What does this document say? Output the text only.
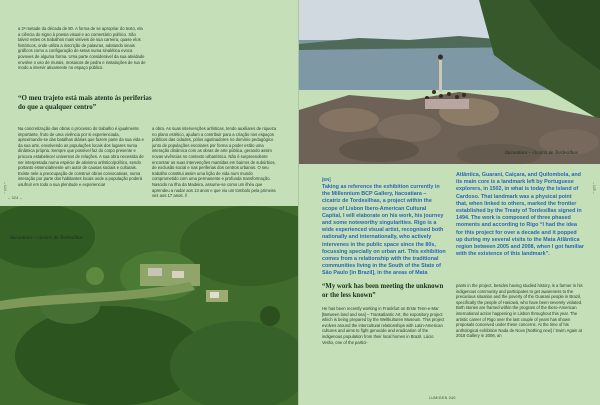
a 2ª metade da década de 80. A forma de se apropriar do texto, ela a ciência do signo à poesia visual e ao comentário político. São talvez estes os trabalhos mais visíveis de sua carreira, quase elos históricos, onde utiliza a inscrição de palavras, adotando sinais gráficos como a configuração de setas numa sinalética evoca povoves de alguma forma. Uma parte considerável da sua atividade envolve o uso de murais, mosaicos de pedra e instalações de rua de modo a intervir ativamente no espaço público.

“O meu trajeto está mais atento às periferias do que a qualquer centro”

Na concretização das obras o processo do trabalho é igualmente importante, fruto de uma vivência por si experienciada, aproximando-se das batalhas diárias que fazem parte da sua vida e da sua arte, envolvendo as populações locais dos lugares numa dinâmica própria. Sempre que possível faz do corpo presente e procura estabelecer universos de relações. A sua obra necessita de ser interpretada numa espécie de ativismo artístico/político, sendo portanto essencialmente um autor de causas sociais e culturais. Existe nele a preocupação de construir obras convocativas, numa interação por parte dos habitantes locais onde a população poderá usufruir em todo a sua plenitude e experienciar

a obra. As suas intervenções artísticas, tendo auxiliares de riqueza no plano estético, ajudam a contribuir para a criação nos espaços públicos das cidades, pólos agutinadores no domínio pedagógico junto de populações escolares por forma a poder estão uma interação dinâmica com as obras de arte pública, gerando assim novas vivências no contexto urbanístico. Não é surpreendente encontrar as suas intervenções mantidas em bairros de subúrbios, de exclusão social e nas periferias dos centros urbanos. O seu trabalho constitui assim uma lição de vida num mundo comprometido com uma permanente e profunda transformação. Nascido na Ilha da Madeira, assume-se como um ilhéu que aprendeu a nadar aos 13 anos e que viu um tombolo pela primeira vez aos 17 anos. //

Itacoatiara – cicatriz de Tordesilhas
– 324 –
– 124 –
Itacoatiara – cicatriz de Tordesilhas
[EN]

Taking as reference the exhibition currently in the Millennium BCP Gallery, Itacoatiara – cicatriz de Tordesilhas, a project within the scope of Lisbon Ibero-American Cultural Capital, I will elaborate on his work, his journey and some noteworthy singularities. Rigo is a wide experienced visual artist, recognised both nationally and internationally, who actively intervenes in the public space since the 80s, focussing specially on urban art. This exhibition comes from a relationship with the traditional communities living in the South of the State of São Paulo [in Brazil], in the areas of Mata

Atlântica, Guarani, Caiçara, and Quilombola, and its main core is a landmark left by Portuguese explorers, in 1502, in what is today the Island of Cardoso. That landmark was a physical point that, when linked to others, marked the frontier established by the Treaty of Tordesillas signed in 1494. The work is composed of three phased moments and according to Rigo “I had the idea for this project for over a decade and it popped up during my several visits to the Mata Atlântica region between 2005 and 2008, when I got familiar with the existence of this landmark”.

“My work has been meeting the unknown or the less known”

He has been recently working in Frankfurt on Erste Tenn-e-Mar [Between land and sea] – Transatlantic Art, the expository project which is being prepared by the Weltkulturen Museum. This project evolves around the intercultural relationships with Latin-American cultures and aims to fight genocide and eradication of the indigenous population from their local homes in Brazil. Lúcio Verão, one of the partici-

pants in the project, besides having studied history, is a farmer in his indigenous community and participates to get awareness to the precarious situation and the poverty of the Guarani people in Brazil, specifically the people of Hasowá, who have been severely violated. Both stories are framed within the program of the Ibero-American international action happening in Lisbon throughout this year. The artistic career of Rigo over the last couple of years has shown proposals conceived under these concerns. At the time of his anthological exhibition Nada de Novo [Nothing new] / Swim Again at 2018 Gallery in 2006, an

LUMIGEN 040
– 125 –
